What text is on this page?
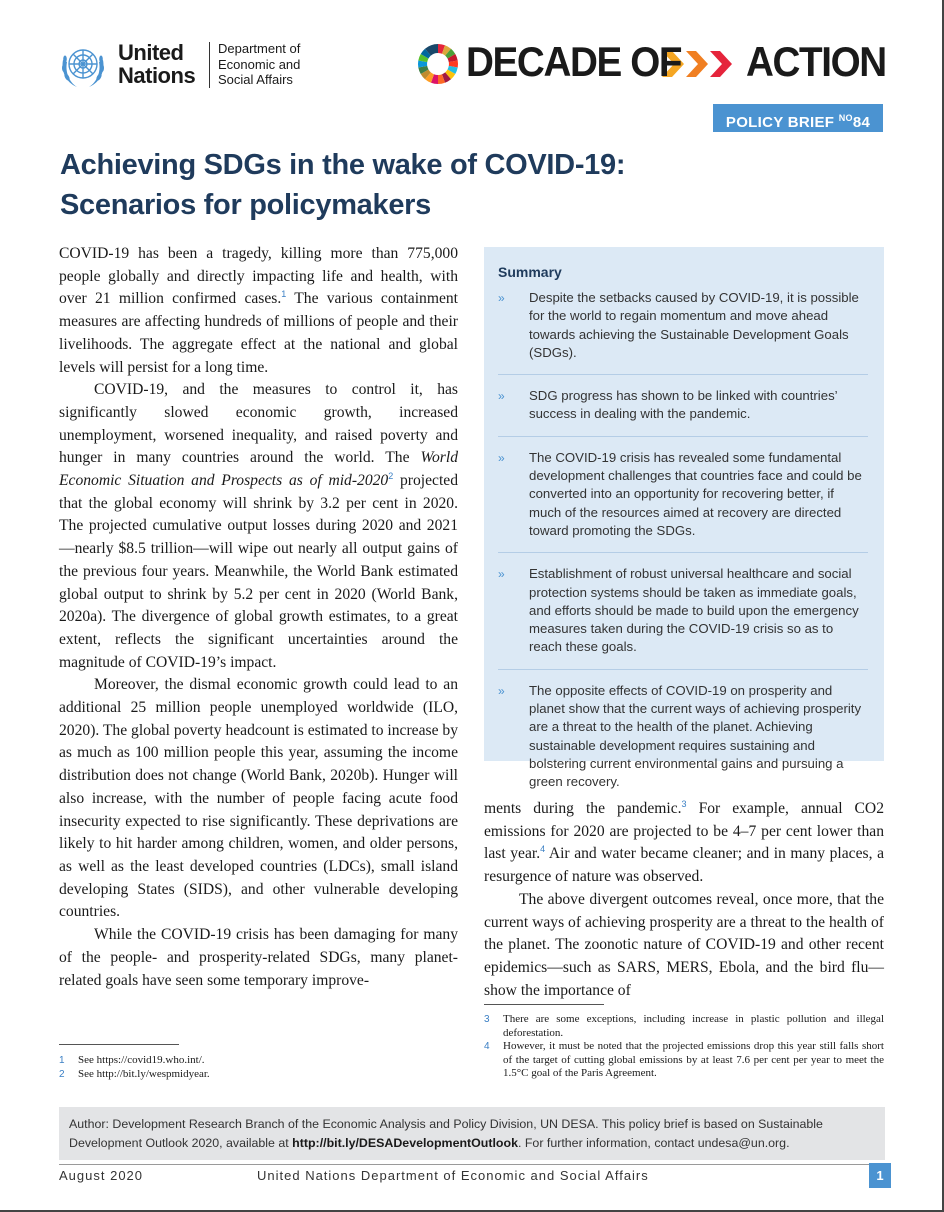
United
Nations
Department of
Economic and
Social Affairs	DECADE OF ACTION
POLICY BRIEF $^{NO}$84
Achieving SDGs in the wake of COVID-19:
Scenarios for policymakers

COVID-19 has been a tragedy, killing more than 775,000 people globally and directly impacting life and health, with over 21 million confirmed cases.$^1$ The various containment measures are affecting hundreds of millions of people and their livelihoods. The aggregate effect at the national and global levels will persist for a long time.

COVID-19, and the measures to control it, has significantly slowed economic growth, increased unemployment, worsened inequality, and raised poverty and hunger in many countries around the world. The World Economic Situation and Prospects as of mid-2020$^2$ projected that the global economy will shrink by 3.2 per cent in 2020. The projected cumulative output losses during 2020 and 2021—nearly $8.5 trillion—will wipe out nearly all output gains of the previous four years. Meanwhile, the World Bank estimated global output to shrink by 5.2 per cent in 2020 (World Bank, 2020a). The divergence of global growth estimates, to a great extent, reflects the significant uncertainties around the magnitude of COVID-19’s impact.

Moreover, the dismal economic growth could lead to an additional 25 million people unemployed worldwide (ILO, 2020). The global poverty headcount is estimated to increase by as much as 100 million people this year, assuming the income distribution does not change (World Bank, 2020b). Hunger will also increase, with the number of people facing acute food insecurity expected to rise significantly. These deprivations are likely to hit harder among children, women, and older persons, as well as the least developed countries (LDCs), small island developing States (SIDS), and other vulnerable developing countries.

While the COVID-19 crisis has been damaging for many of the people- and prosperity-related SDGs, many planet-related goals have seen some temporary improve-

Summary
» Despite the setbacks caused by COVID-19, it is possible for the world to regain momentum and move ahead towards achieving the Sustainable Development Goals (SDGs).
» SDG progress has shown to be linked with countries’ success in dealing with the pandemic.
» The COVID-19 crisis has revealed some fundamental development challenges that countries face and could be converted into an opportunity for recovering better, if much of the resources aimed at recovery are directed toward promoting the SDGs.
» Establishment of robust universal healthcare and social protection systems should be taken as immediate goals, and efforts should be made to build upon the emergency measures taken during the COVID-19 crisis so as to reach these goals.
» The opposite effects of COVID-19 on prosperity and planet show that the current ways of achieving prosperity are a threat to the health of the planet. Achieving sustainable development requires sustaining and bolstering current environmental gains and pursuing a green recovery.

ments during the pandemic.$^3$ For example, annual CO2 emissions for 2020 are projected to be 4–7 per cent lower than last year.$^4$ Air and water became cleaner; and in many places, a resurgence of nature was observed.

The above divergent outcomes reveal, once more, that the current ways of achieving prosperity are a threat to the health of the planet. The zoonotic nature of COVID-19 and other recent epidemics—such as SARS, MERS, Ebola, and the bird flu—show the importance of

1 See https://covid19.who.int/.
2 See http://bit.ly/wespmidyear.
3 There are some exceptions, including increase in plastic pollution and illegal deforestation.
4 However, it must be noted that the projected emissions drop this year still falls short of the target of cutting global emissions by at least 7.6 per cent per year to meet the 1.5°C goal of the Paris Agreement.
Author: Development Research Branch of the Economic Analysis and Policy Division, UN DESA. This policy brief is based on Sustainable Development Outlook 2020, available at http://bit.ly/DESADevelopmentOutlook. For further information, contact undesa@un.org.
August 2020	United Nations Department of Economic and Social Affairs	1
